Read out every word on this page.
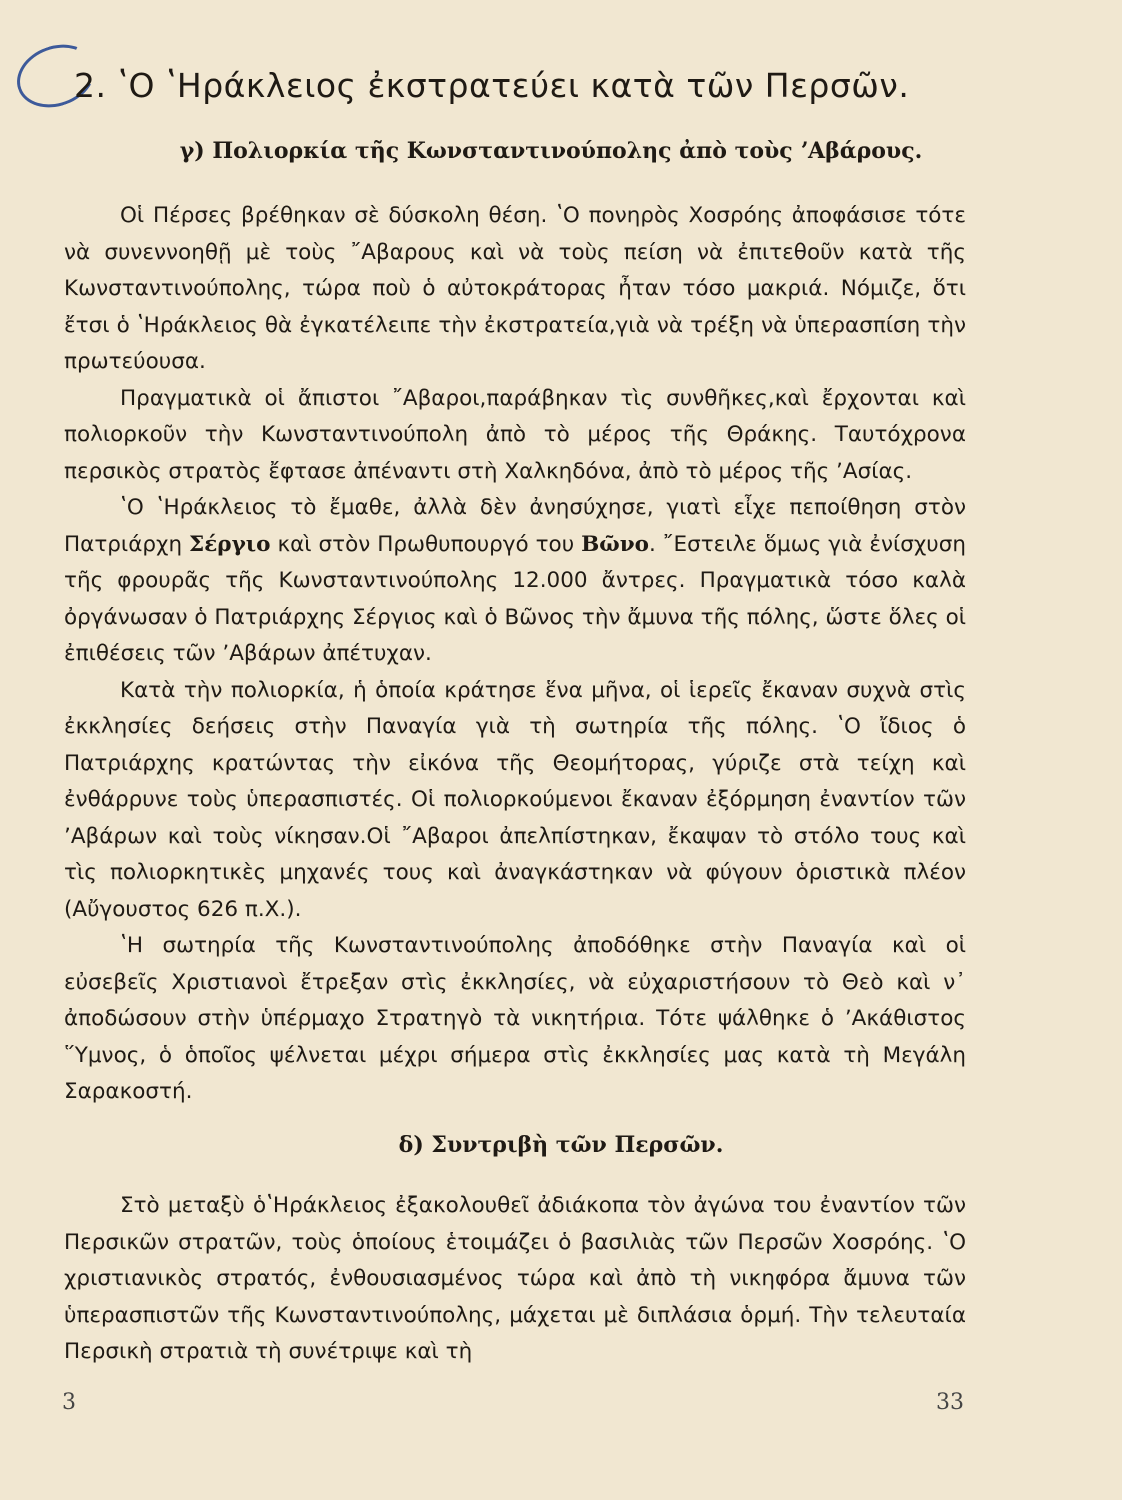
2. ʽΟ ʽΗράκλειος ἐκστρατεύει κατὰ τῶν Περσῶν.
γ) Πολιορκία τῆς Κωνσταντινούπολης ἀπὸ τοὺς ʼΑβάρους.

Οἱ Πέρσες βρέθηκαν σὲ δύσκολη θέση. ʽΟ πονηρὸς Χοσρόης ἀποφάσισε τότε νὰ συνεννοηθῇ μὲ τοὺς ῎Αβαρους καὶ νὰ τοὺς πείση νὰ ἐπιτεθοῦν κατὰ τῆς Κωνσταντινούπολης, τώρα ποὺ ὁ αὐτοκράτορας ἦταν τόσο μακριά. Νόμιζε, ὅτι ἔτσι ὁ ʽΗράκλειος θὰ ἐγκατέλειπε τὴν ἐκστρατεία,γιὰ νὰ τρέξη νὰ ὑπερασπίση τὴν πρωτεύουσα.

Πραγματικὰ οἱ ἄπιστοι ῎Αβαροι,παράβηκαν τὶς συνθῆκες,καὶ ἔρχονται καὶ πολιορκοῦν τὴν Κωνσταντινούπολη ἀπὸ τὸ μέρος τῆς Θράκης. Ταυτόχρονα περσικὸς στρατὸς ἔφτασε ἀπέναντι στὴ Χαλκηδόνα, ἀπὸ τὸ μέρος τῆς ʼΑσίας.

ʽΟ ʽΗράκλειος τὸ ἔμαθε, ἀλλὰ δὲν ἀνησύχησε, γιατὶ εἶχε πεποίθηση στὸν Πατριάρχη Σέργιο καὶ στὸν Πρωθυπουργό του Βῶνο. ῎Εστειλε ὅμως γιὰ ἐνίσχυση τῆς φρουρᾶς τῆς Κωνσταντινούπολης 12.000 ἄντρες. Πραγματικὰ τόσο καλὰ ὀργάνωσαν ὁ Πατριάρχης Σέργιος καὶ ὁ Βῶνος τὴν ἄμυνα τῆς πόλης, ὥστε ὅλες οἱ ἐπιθέσεις τῶν ʼΑβάρων ἀπέτυχαν.

Κατὰ τὴν πολιορκία, ἡ ὁποία κράτησε ἕνα μῆνα, οἱ ἱερεῖς ἔκαναν συχνὰ στὶς ἐκκλησίες δεήσεις στὴν Παναγία γιὰ τὴ σωτηρία τῆς πόλης. ʽΟ ἴδιος ὁ Πατριάρχης κρατώντας τὴν εἰκόνα τῆς Θεομήτορας, γύριζε στὰ τείχη καὶ ἐνθάρρυνε τοὺς ὑπερασπιστές. Οἱ πολιορκούμενοι ἔκαναν ἐξόρμηση ἐναντίον τῶν ʼΑβάρων καὶ τοὺς νίκησαν.Οἱ ῎Αβαροι ἀπελπίστηκαν, ἔκαψαν τὸ στόλο τους καὶ τὶς πολιορκητικὲς μηχανές τους καὶ ἀναγκάστηκαν νὰ φύγουν ὁριστικὰ πλέον (Αὔγουστος 626 π.Χ.).

ʽΗ σωτηρία τῆς Κωνσταντινούπολης ἀποδόθηκε στὴν Παναγία καὶ οἱ εὐσεβεῖς Χριστιανοὶ ἔτρεξαν στὶς ἐκκλησίες, νὰ εὐχαριστήσουν τὸ Θεὸ καὶ ν᾽ ἀποδώσουν στὴν ὑπέρμαχο Στρατηγὸ τὰ νικητήρια. Τότε ψάλθηκε ὁ ʼΑκάθιστος ῞Υμνος, ὁ ὁποῖος ψέλνεται μέχρι σήμερα στὶς ἐκκλησίες μας κατὰ τὴ Μεγάλη Σαρακοστή.

δ) Συντριβὴ τῶν Περσῶν.

Στὸ μεταξὺ ὁʽΗράκλειος ἐξακολουθεῖ ἀδιάκοπα τὸν ἀγώνα του ἐναντίον τῶν Περσικῶν στρατῶν, τοὺς ὁποίους ἑτοιμάζει ὁ βασιλιὰς τῶν Περσῶν Χοσρόης. ʽΟ χριστιανικὸς στρατός, ἐνθουσιασμένος τώρα καὶ ἀπὸ τὴ νικηφόρα ἄμυνα τῶν ὑπερασπιστῶν τῆς Κωνσταντινούπολης, μάχεται μὲ διπλάσια ὁρμή. Τὴν τελευταία Περσικὴ στρατιὰ τὴ συνέτριψε καὶ τὴ

3	33
